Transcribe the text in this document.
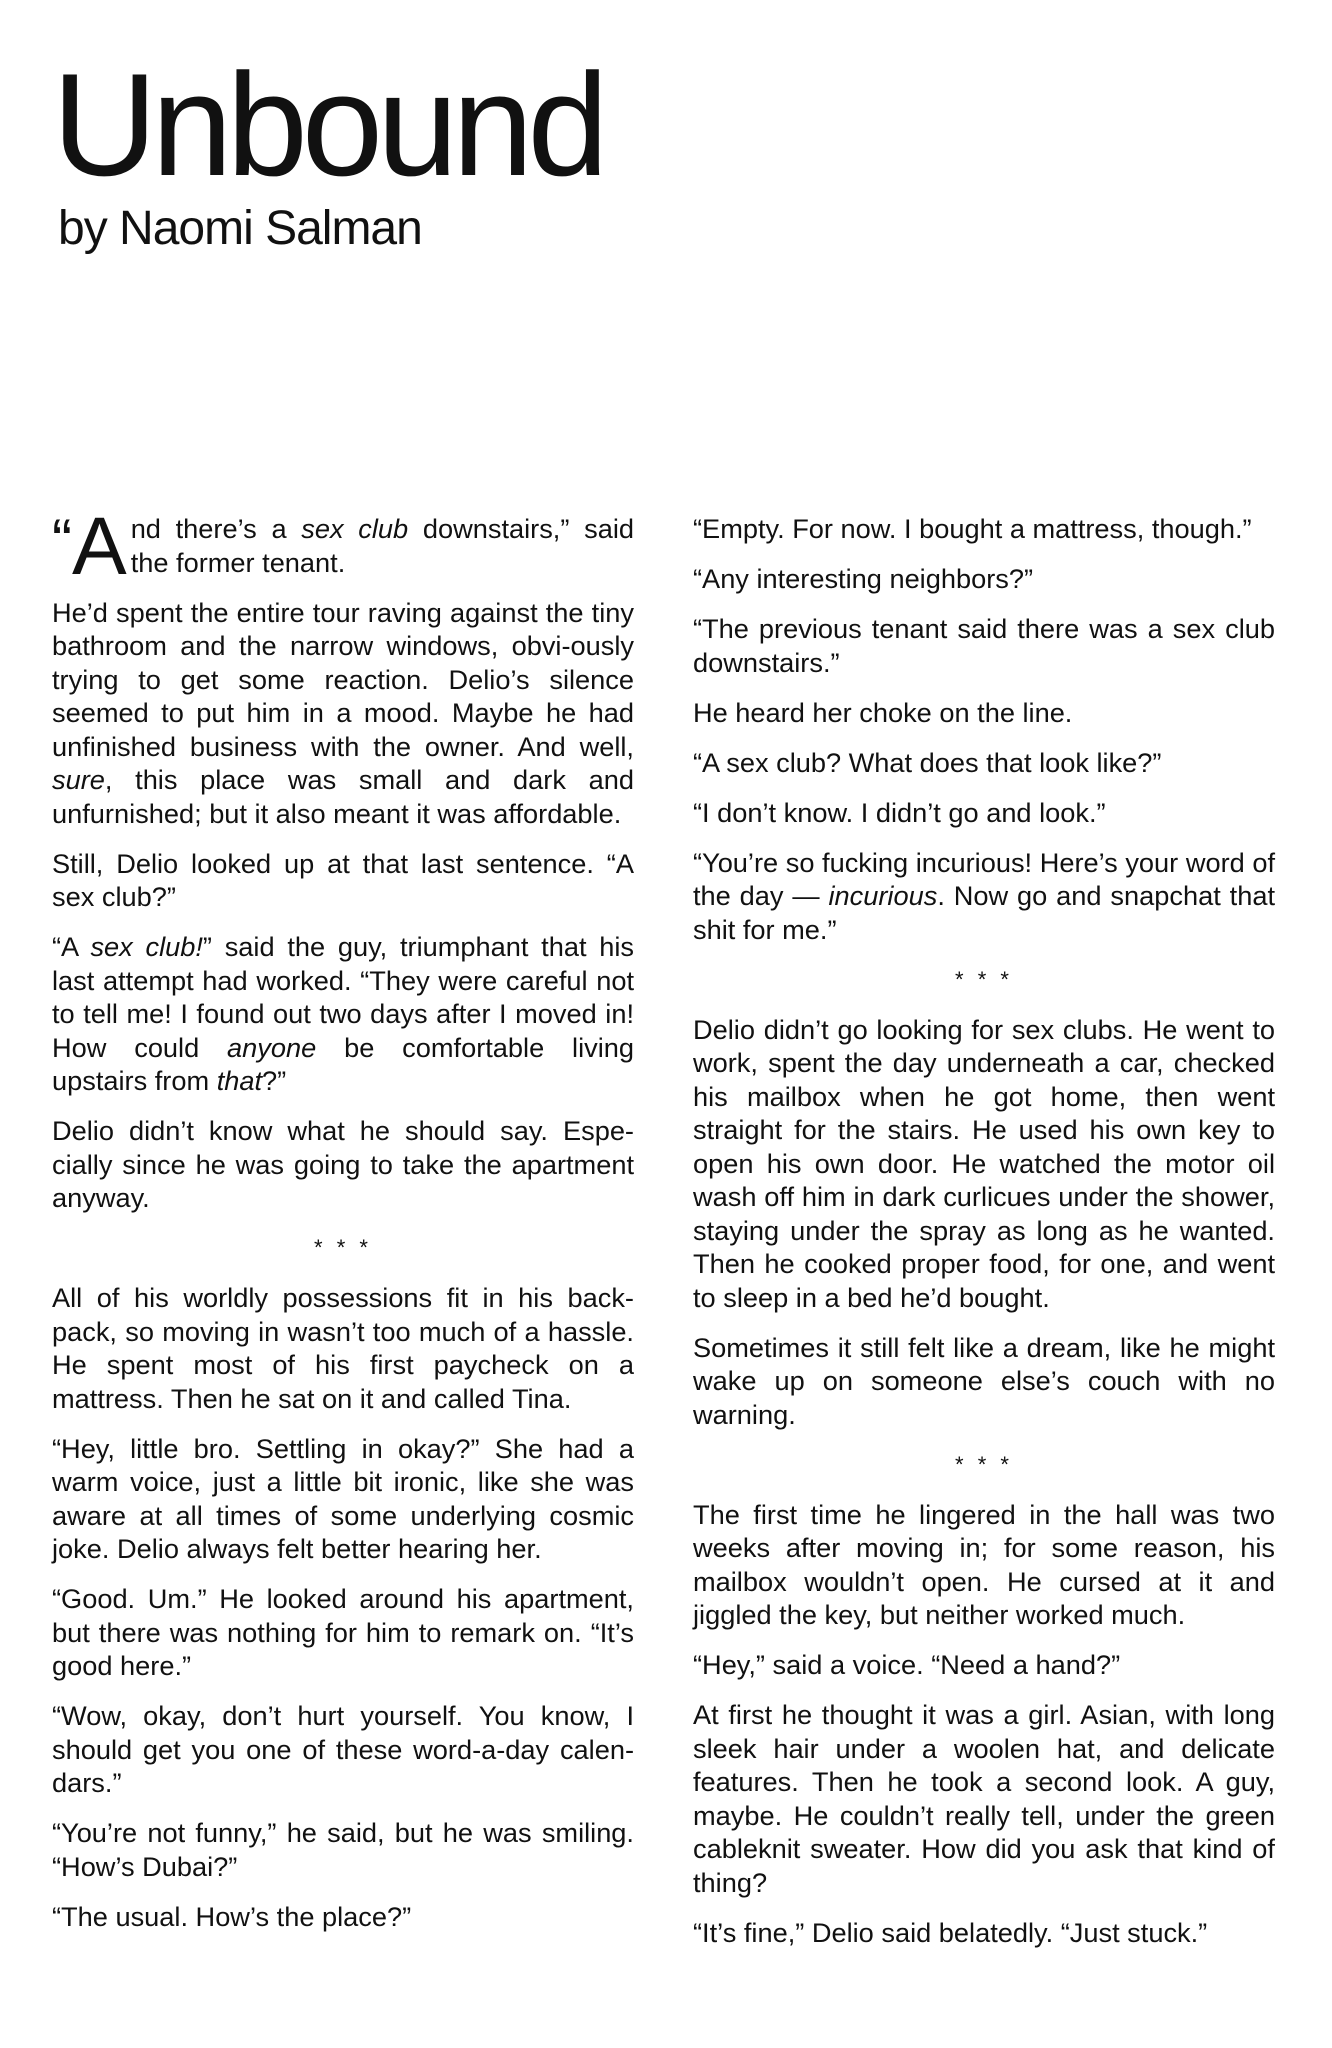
Unbound
by Naomi Salman

“A nd there’s a sex club downstairs,” said the former tenant.

He’d spent the entire tour raving against the tiny bathroom and the narrow windows, obvi-ously trying to get some reaction. Delio’s silence seemed to put him in a mood. Maybe he had unfinished business with the owner. And well, sure, this place was small and dark and unfurnished; but it also meant it was affordable.

Still, Delio looked up at that last sentence. “A sex club?”

“A sex club!” said the guy, triumphant that his last attempt had worked. “They were careful not to tell me! I found out two days after I moved in! How could anyone be comfortable living upstairs from that?”

Delio didn’t know what he should say. Espe-cially since he was going to take the apartment anyway.

* * *

All of his worldly possessions fit in his back-pack, so moving in wasn’t too much of a hassle. He spent most of his first paycheck on a mattress. Then he sat on it and called Tina.

“Hey, little bro. Settling in okay?” She had a warm voice, just a little bit ironic, like she was aware at all times of some underlying cosmic joke. Delio always felt better hearing her.

“Good. Um.” He looked around his apartment, but there was nothing for him to remark on. “It’s good here.”

“Wow, okay, don’t hurt yourself. You know, I should get you one of these word-a-day calen-dars.”

“You’re not funny,” he said, but he was smiling. “How’s Dubai?”

“The usual. How’s the place?”

“Empty. For now. I bought a mattress, though.”

“Any interesting neighbors?”

“The previous tenant said there was a sex club downstairs.”

He heard her choke on the line.

“A sex club? What does that look like?”

“I don’t know. I didn’t go and look.”

“You’re so fucking incurious! Here’s your word of the day — incurious. Now go and snapchat that shit for me.”

* * *

Delio didn’t go looking for sex clubs. He went to work, spent the day underneath a car, checked his mailbox when he got home, then went straight for the stairs. He used his own key to open his own door. He watched the motor oil wash off him in dark curlicues under the shower, staying under the spray as long as he wanted. Then he cooked proper food, for one, and went to sleep in a bed he’d bought.

Sometimes it still felt like a dream, like he might wake up on someone else’s couch with no warning.

* * *

The first time he lingered in the hall was two weeks after moving in; for some reason, his mailbox wouldn’t open. He cursed at it and jiggled the key, but neither worked much.

“Hey,” said a voice. “Need a hand?”

At first he thought it was a girl. Asian, with long sleek hair under a woolen hat, and delicate features. Then he took a second look. A guy, maybe. He couldn’t really tell, under the green cableknit sweater. How did you ask that kind of thing?

“It’s fine,” Delio said belatedly. “Just stuck.”
